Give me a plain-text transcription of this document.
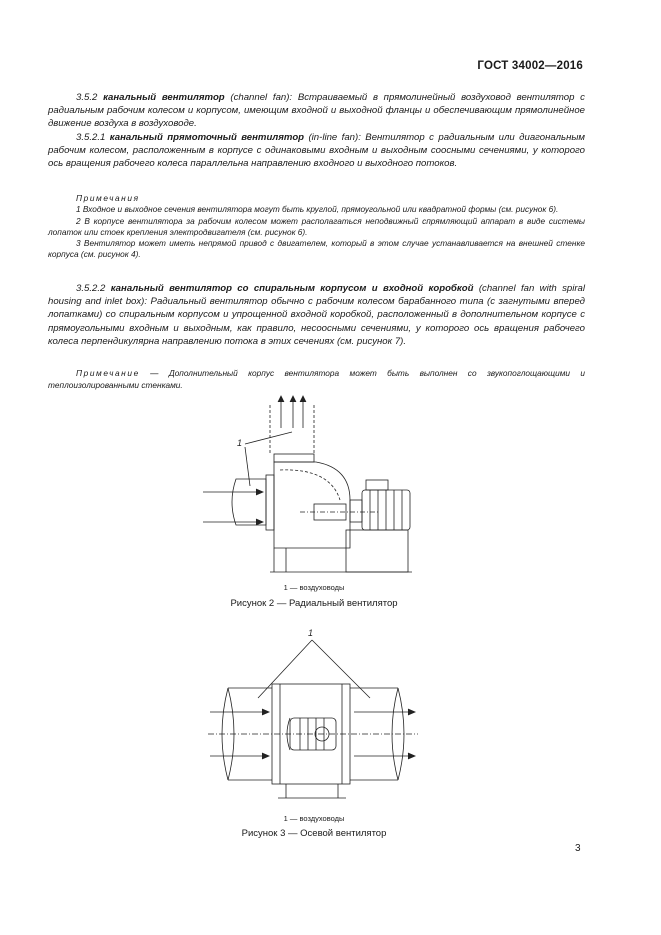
ГОСТ 34002—2016

3.5.2 канальный вентилятор (channel fan): Встраиваемый в прямолинейный воздуховод вентилятор с радиальным рабочим колесом и корпусом, имеющим входной и выходной фланцы и обеспечивающим прямолинейное движение воздуха в воздуховоде.

3.5.2.1 канальный прямоточный вентилятор (in-line fan): Вентилятор с радиальным или диагональным рабочим колесом, расположенным в корпусе с одинаковыми входным и выходным соосными сечениями, у которого ось вращения рабочего колеса параллельна направлению входного и выходного потоков.

Примечания

1 Входное и выходное сечения вентилятора могут быть круглой, прямоугольной или квадратной формы (см. рисунок 6).

2 В корпусе вентилятора за рабочим колесом может располагаться неподвижный спрямляющий аппарат в виде системы лопаток или стоек крепления электродвигателя (см. рисунок 6).

3 Вентилятор может иметь непрямой привод с двигателем, который в этом случае устанавливается на внешней стенке корпуса (см. рисунок 4).

3.5.2.2 канальный вентилятор со спиральным корпусом и входной коробкой (channel fan with spiral housing and inlet box): Радиальный вентилятор обычно с рабочим колесом барабанного типа (с загнутыми вперед лопатками) со спиральным корпусом и упрощенной входной коробкой, расположенный в дополнительном корпусе с прямоугольными входным и выходным, как правило, несоосными сечениями, у которого ось вращения рабочего колеса перпендикулярна направлению потока в этих сечениях (см. рисунок 7).

Примечание — Дополнительный корпус вентилятора может быть выполнен со звукопоглощающими и теплоизолированными стенками.

1
1 — воздуховоды
Рисунок 2 — Радиальный вентилятор
1
1 — воздуховоды
Рисунок 3 — Осевой вентилятор
3
